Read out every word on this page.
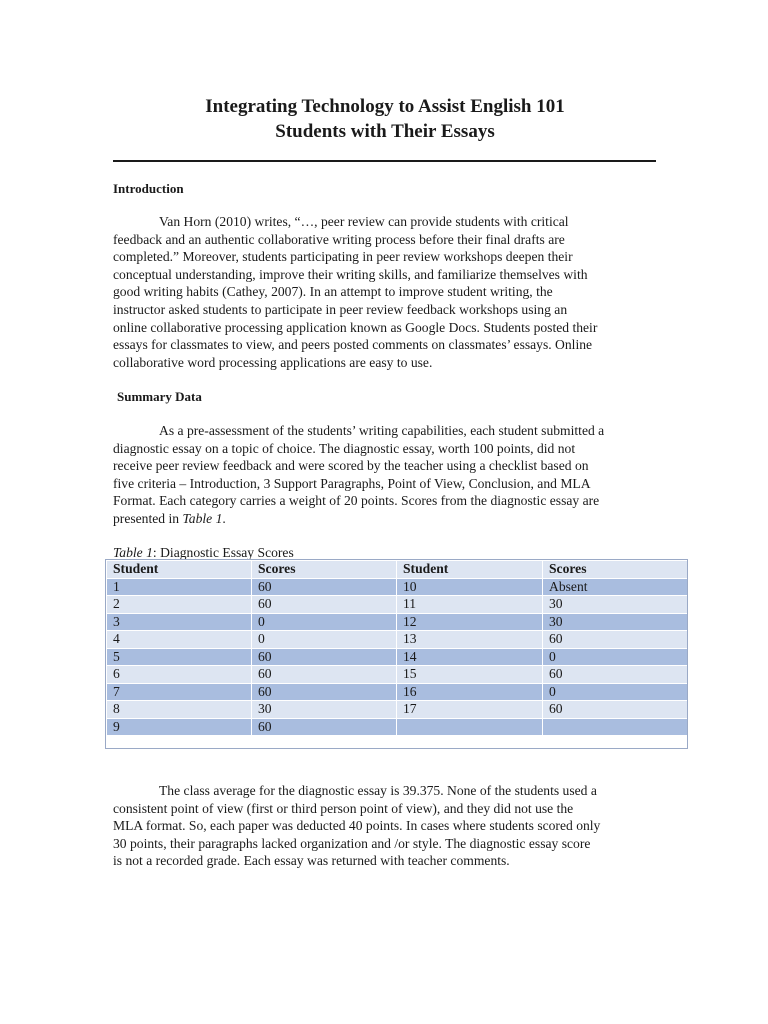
Integrating Technology to Assist English 101
Students with Their Essays
Introduction

Van Horn (2010) writes, “…, peer review can provide students with critical

feedback and an authentic collaborative writing process before their final drafts are

completed.” Moreover, students participating in peer review workshops deepen their

conceptual understanding, improve their writing skills, and familiarize themselves with

good writing habits (Cathey, 2007). In an attempt to improve student writing, the

instructor asked students to participate in peer review feedback workshops using an

online collaborative processing application known as Google Docs. Students posted their

essays for classmates to view, and peers posted comments on classmates’ essays. Online

collaborative word processing applications are easy to use.

Summary Data

As a pre-assessment of the students’ writing capabilities, each student submitted a

diagnostic essay on a topic of choice. The diagnostic essay, worth 100 points, did not

receive peer review feedback and were scored by the teacher using a checklist based on

five criteria – Introduction, 3 Support Paragraphs, Point of View, Conclusion, and MLA

Format. Each category carries a weight of 20 points. Scores from the diagnostic essay are

presented in Table 1.

Table 1: Diagnostic Essay Scores
Student	Scores	Student	Scores
1	60	10	Absent
2	60	11	30
3	0	12	30
4	0	13	60
5	60	14	0
6	60	15	60
7	60	16	0
8	30	17	60
9	60		

The class average for the diagnostic essay is 39.375. None of the students used a

consistent point of view (first or third person point of view), and they did not use the

MLA format. So, each paper was deducted 40 points. In cases where students scored only

30 points, their paragraphs lacked organization and /or style. The diagnostic essay score

is not a recorded grade. Each essay was returned with teacher comments.
